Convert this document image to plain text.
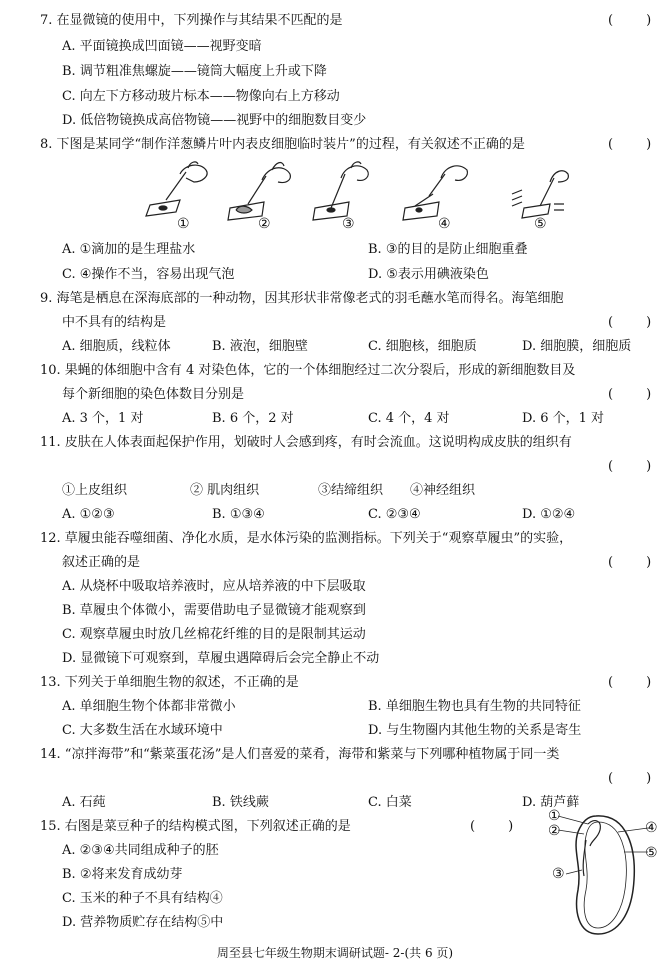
7. 在显微镜的使用中，下列操作与其结果不匹配的是	(        )
A. 平面镜换成凹面镜——视野变暗
B. 调节粗准焦螺旋——镜筒大幅度上升或下降
C. 向左下方移动玻片标本——物像向右上方移动
D. 低倍物镜换成高倍物镜——视野中的细胞数目变少
8. 下图是某同学“制作洋葱鳞片叶内表皮细胞临时装片”的过程，有关叙述不正确的是	(        )
①	②	③	④	⑤
A. ①滴加的是生理盐水	B. ③的目的是防止细胞重叠
C. ④操作不当，容易出现气泡	D. ⑤表示用碘液染色
9. 海笔是栖息在深海底部的一种动物，因其形状非常像老式的羽毛蘸水笔而得名。海笔细胞
中不具有的结构是	(        )
A. 细胞质，线粒体	B. 液泡，细胞壁	C. 细胞核，细胞质	D. 细胞膜，细胞质
10. 果蝇的体细胞中含有 4 对染色体，它的一个体细胞经过二次分裂后，形成的新细胞数目及
每个新细胞的染色体数目分别是	(        )
A. 3 个，1 对	B. 6 个，2 对	C. 4 个，4 对	D. 6 个，1 对
11. 皮肤在人体表面起保护作用，划破时人会感到疼，有时会流血。这说明构成皮肤的组织有
(        )
①上皮组织	② 肌肉组织	③结缔组织 ④神经组织
A. ①②③	B. ①③④	C. ②③④	D. ①②④
12. 草履虫能吞噬细菌、净化水质，是水体污染的监测指标。下列关于“观察草履虫”的实验，
叙述正确的是	(        )
A. 从烧杯中吸取培养液时，应从培养液的中下层吸取
B. 草履虫个体微小，需要借助电子显微镜才能观察到
C. 观察草履虫时放几丝棉花纤维的目的是限制其运动
D. 显微镜下可观察到，草履虫遇障碍后会完全静止不动
13. 下列关于单细胞生物的叙述，不正确的是	(        )
A. 单细胞生物个体都非常微小	B. 单细胞生物也具有生物的共同特征
C. 大多数生活在水域环境中	D. 与生物圈内其他生物的关系是寄生
14. “凉拌海带”和“紫菜蛋花汤”是人们喜爱的菜肴，海带和紫菜与下列哪种植物属于同一类
(        )
A. 石莼	B. 铁线蕨	C. 白菜	D. 葫芦藓
15. 右图是菜豆种子的结构模式图，下列叙述正确的是	(        )
A. ②③④共同组成种子的胚
B. ②将来发育成幼芽
C. 玉米的种子不具有结构④
D. 营养物质贮存在结构⑤中
①
②
③
④
⑤
周至县七年级生物期末调研试题- 2-(共 6 页)
